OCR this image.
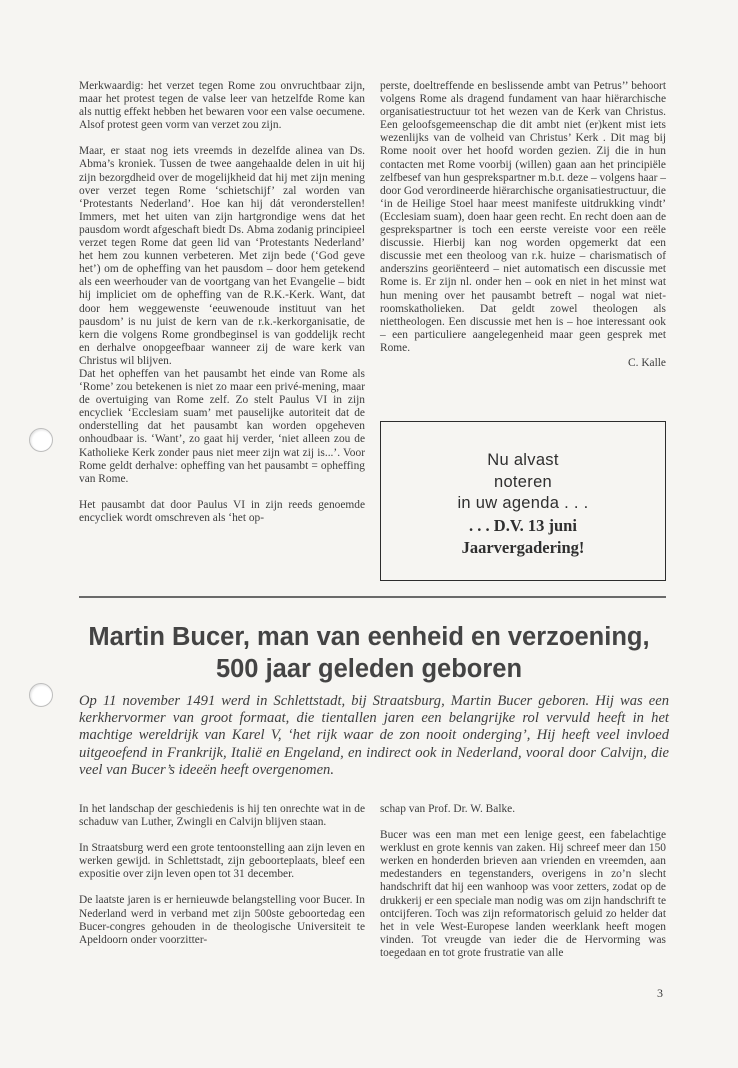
Merkwaardig: het verzet tegen Rome zou onvruchtbaar zijn, maar het protest tegen de valse leer van hetzelfde Rome kan als nuttig effekt hebben het bewaren voor een valse oecumene. Alsof protest geen vorm van verzet zou zijn.

Maar, er staat nog iets vreemds in dezelfde alinea van Ds. Abma’s kroniek. Tussen de twee aangehaalde delen in uit hij zijn bezorgdheid over de mogelijkheid dat hij met zijn mening over verzet tegen Rome ‘schietschijf’ zal worden van ‘Protestants Nederland’. Hoe kan hij dát veronderstellen! Immers, met het uiten van zijn hartgrondige wens dat het pausdom wordt afgeschaft biedt Ds. Abma zodanig principieel verzet tegen Rome dat geen lid van ‘Protestants Nederland’ het hem zou kunnen verbeteren. Met zijn bede (‘God geve het’) om de opheffing van het pausdom – door hem getekend als een weerhouder van de voortgang van het Evangelie – bidt hij impliciet om de opheffing van de R.K.-Kerk. Want, dat door hem weggewenste ‘eeuwenoude instituut van het pausdom’ is nu juist de kern van de r.k.-kerkorganisatie, de kern die volgens Rome grondbeginsel is van goddelijk recht en derhalve onopgeefbaar wanneer zij de ware kerk van Christus wil blijven.

Dat het opheffen van het pausambt het einde van Rome als ‘Rome’ zou betekenen is niet zo maar een privé-mening, maar de overtuiging van Rome zelf. Zo stelt Paulus VI in zijn encycliek ‘Ecclesiam suam’ met pauselijke autoriteit dat de onderstelling dat het pausambt kan worden opgeheven onhoudbaar is. ‘Want’, zo gaat hij verder, ‘niet alleen zou de Katholieke Kerk zonder paus niet meer zijn wat zij is...’. Voor Rome geldt derhalve: opheffing van het pausambt = opheffing van Rome.

Het pausambt dat door Paulus VI in zijn reeds genoemde encycliek wordt omschreven als ‘het op-

perste, doeltreffende en beslissende ambt van Petrus’’ behoort volgens Rome als dragend fundament van haar hiërarchische organisatiestructuur tot het wezen van de Kerk van Christus. Een geloofsgemeenschap die dit ambt niet (er)kent mist iets wezenlijks van de volheid van Christus’ Kerk . Dit mag bij Rome nooit over het hoofd worden gezien. Zij die in hun contacten met Rome voorbij (willen) gaan aan het principiële zelfbesef van hun gesprekspartner m.b.t. deze – volgens haar – door God verordineerde hiërarchische organisatiestructuur, die ‘in de Heilige Stoel haar meest manifeste uitdrukking vindt’ (Ecclesiam suam), doen haar geen recht. En recht doen aan de gesprekspartner is toch een eerste vereiste voor een reële discussie. Hierbij kan nog worden opgemerkt dat een discussie met een theoloog van r.k. huize – charismatisch of anderszins georiënteerd – niet automatisch een discussie met Rome is. Er zijn nl. onder hen – ook en niet in het minst wat hun mening over het pausambt betreft – nogal wat niet-roomskatholieken. Dat geldt zowel theologen als niettheologen. Een discussie met hen is – hoe interessant ook – een particuliere aangelegenheid maar geen gesprek met Rome.

C. Kalle
Nu alvast
noteren
in uw agenda . . .
. . . D.V. 13 juni
Jaarvergadering!
Martin Bucer, man van eenheid en verzoening,
500 jaar geleden geboren
Op 11 november 1491 werd in Schlettstadt, bij Straatsburg, Martin Bucer geboren. Hij was een kerkhervormer van groot formaat, die tientallen jaren een belangrijke rol vervuld heeft in het machtige wereldrijk van Karel V, ‘het rijk waar de zon nooit onderging’, Hij heeft veel invloed uitgeoefend in Frankrijk, Italië en Engeland, en indirect ook in Nederland, vooral door Calvijn, die veel van Bucer’s ideeën heeft overgenomen.

In het landschap der geschiedenis is hij ten onrechte wat in de schaduw van Luther, Zwingli en Calvijn blijven staan.

In Straatsburg werd een grote tentoonstelling aan zijn leven en werken gewijd. in Schlettstadt, zijn geboorteplaats, bleef een expositie over zijn leven open tot 31 december.

De laatste jaren is er hernieuwde belangstelling voor Bucer. In Nederland werd in verband met zijn 500ste geboortedag een Bucer-congres gehouden in de theologische Universiteit te Apeldoorn onder voorzitter-

schap van Prof. Dr. W. Balke.

Bucer was een man met een lenige geest, een fabelachtige werklust en grote kennis van zaken. Hij schreef meer dan 150 werken en honderden brieven aan vrienden en vreemden, aan medestanders en tegenstanders, overigens in zo’n slecht handschrift dat hij een wanhoop was voor zetters, zodat op de drukkerij er een speciale man nodig was om zijn handschrift te ontcijferen. Toch was zijn reformatorisch geluid zo helder dat het in vele West-Europese landen weerklank heeft mogen vinden. Tot vreugde van ieder die de Hervorming was toegedaan en tot grote frustratie van alle

3
